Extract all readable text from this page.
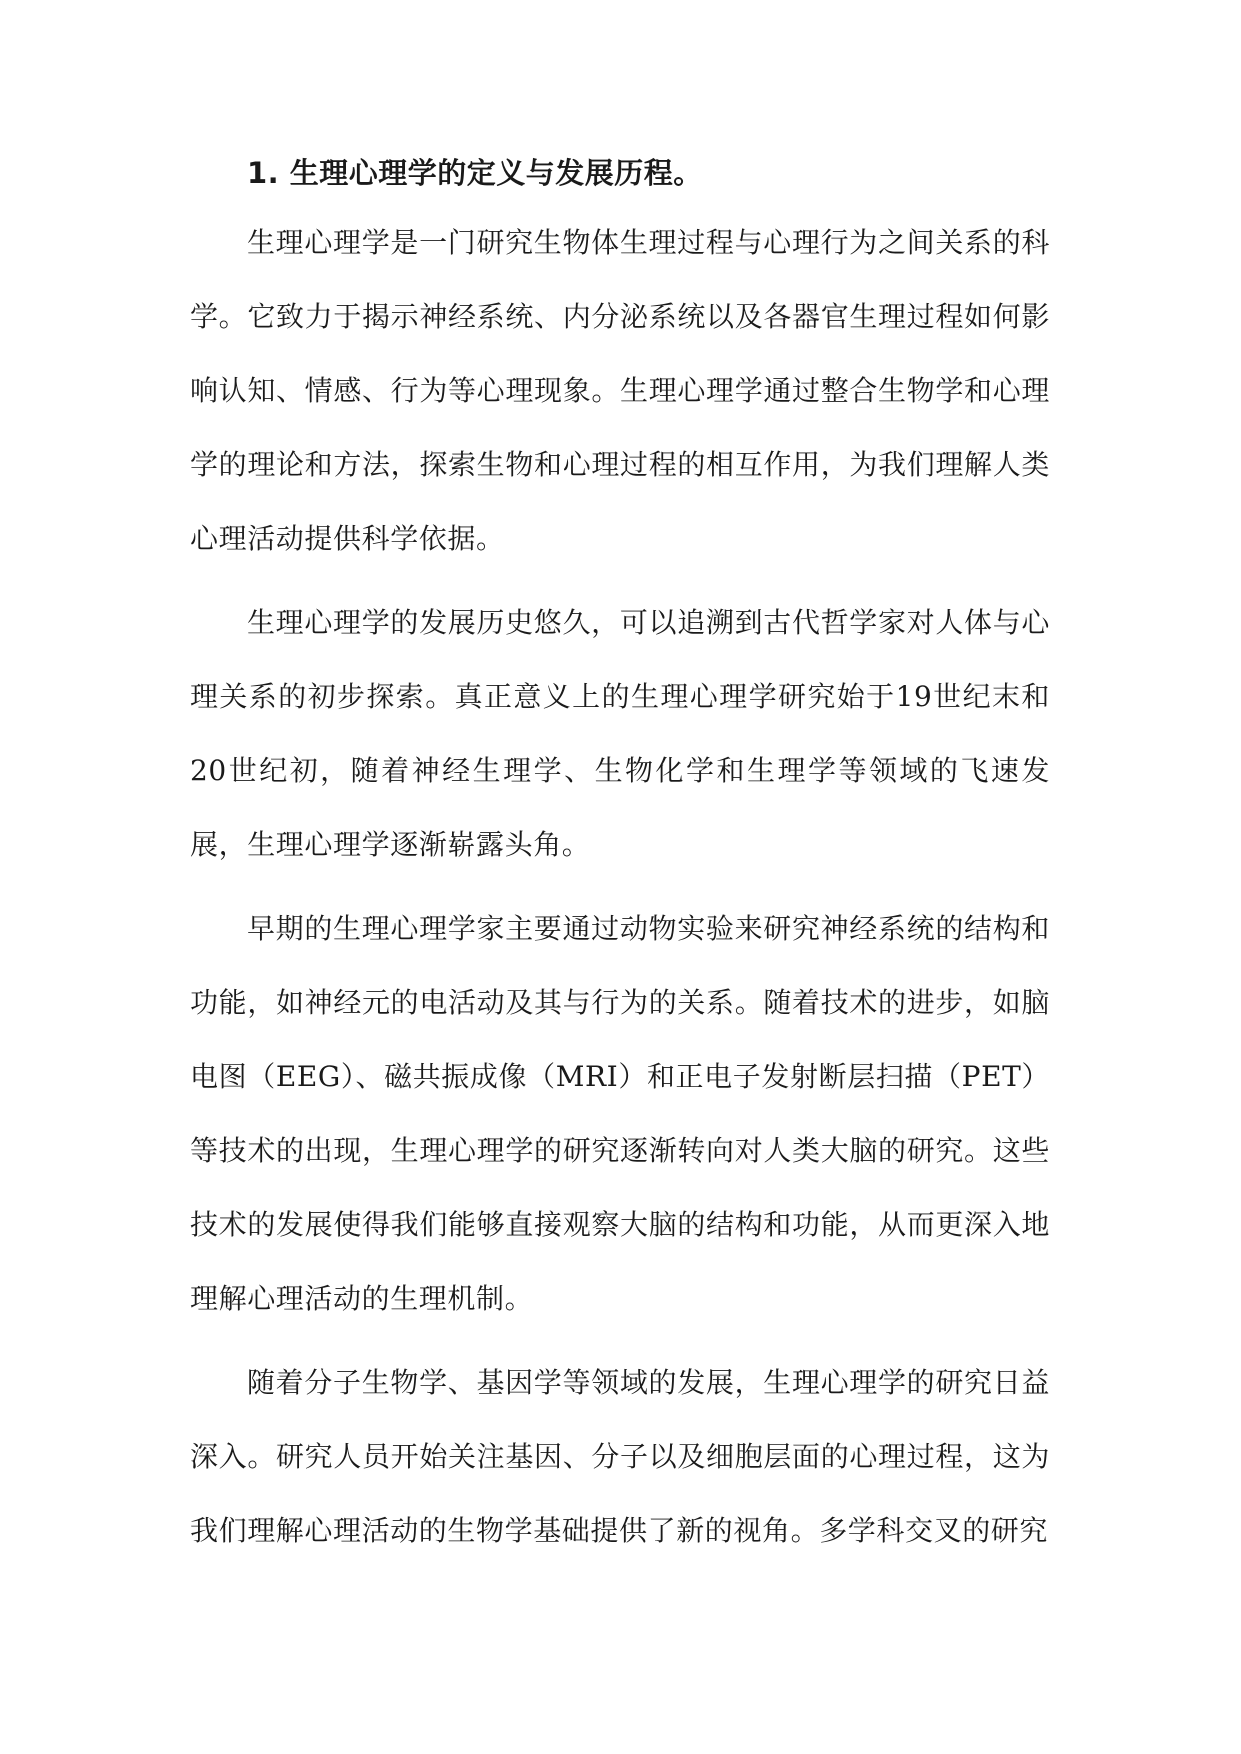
1. 生理心理学的定义与发展历程。

生理心理学是一门研究生物体生理过程与心理行为之间关系的科学。它致力于揭示神经系统、内分泌系统以及各器官生理过程如何影响认知、情感、行为等心理现象。生理心理学通过整合生物学和心理学的理论和方法，探索生物和心理过程的相互作用，为我们理解人类心理活动提供科学依据。

生理心理学的发展历史悠久，可以追溯到古代哲学家对人体与心理关系的初步探索。真正意义上的生理心理学研究始于19世纪末和20世纪初，随着神经生理学、生物化学和生理学等领域的飞速发展，生理心理学逐渐崭露头角。

早期的生理心理学家主要通过动物实验来研究神经系统的结构和功能，如神经元的电活动及其与行为的关系。随着技术的进步，如脑电图（EEG）、磁共振成像（MRI）和正电子发射断层扫描（PET）等技术的出现，生理心理学的研究逐渐转向对人类大脑的研究。这些技术的发展使得我们能够直接观察大脑的结构和功能，从而更深入地理解心理活动的生理机制。

随着分子生物学、基因学等领域的发展，生理心理学的研究日益深入。研究人员开始关注基因、分子以及细胞层面的心理过程，这为我们理解心理活动的生物学基础提供了新的视角。多学科交叉的研究
